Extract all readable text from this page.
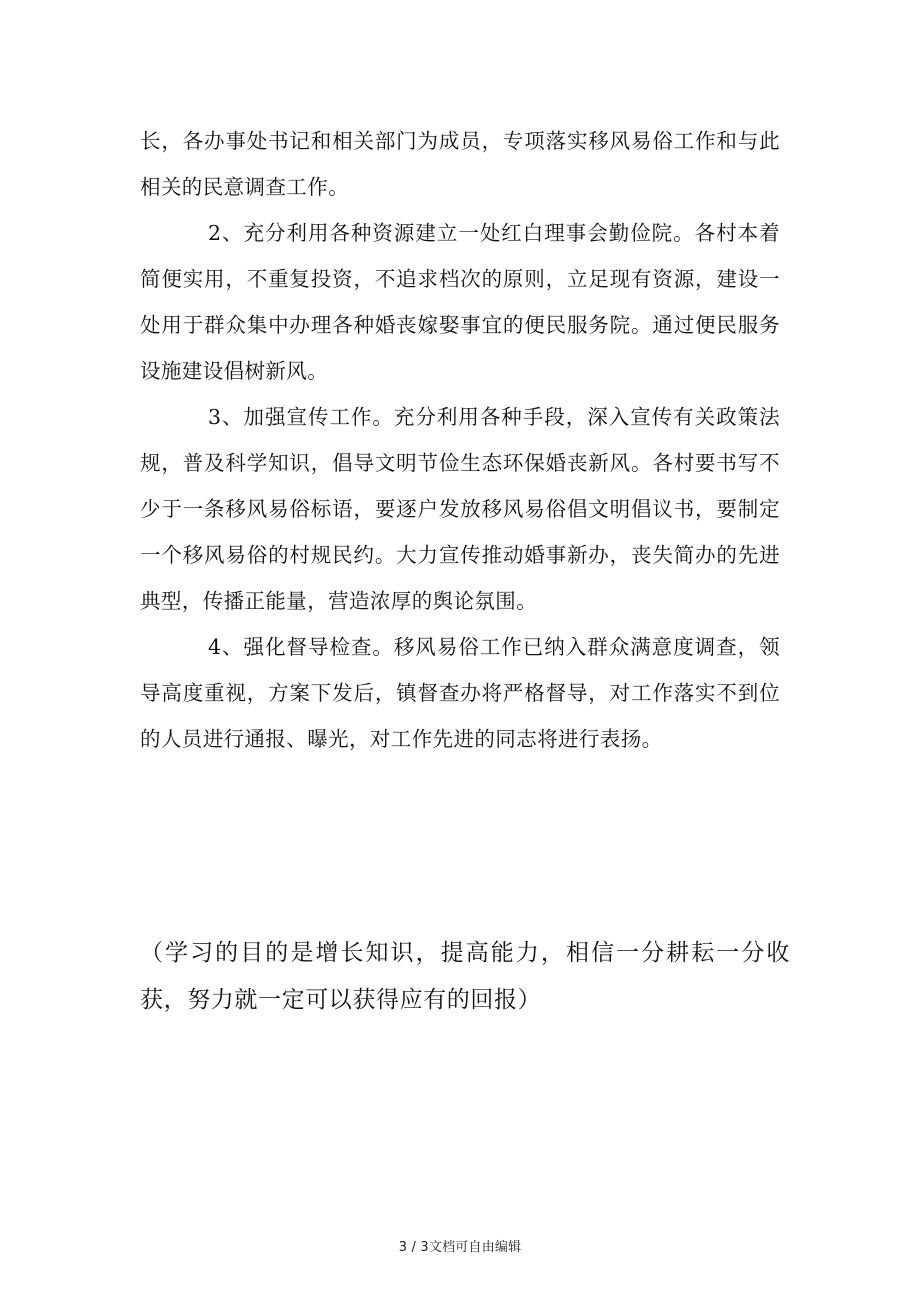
长，各办事处书记和相关部门为成员，专项落实移风易俗工作和与此相关的民意调查工作。

2、充分利用各种资源建立一处红白理事会勤俭院。各村本着简便实用，不重复投资，不追求档次的原则，立足现有资源，建设一处用于群众集中办理各种婚丧嫁娶事宜的便民服务院。通过便民服务设施建设倡树新风。

3、加强宣传工作。充分利用各种手段，深入宣传有关政策法规，普及科学知识，倡导文明节俭生态环保婚丧新风。各村要书写不少于一条移风易俗标语，要逐户发放移风易俗倡文明倡议书，要制定一个移风易俗的村规民约。大力宣传推动婚事新办，丧失简办的先进典型，传播正能量，营造浓厚的舆论氛围。

4、强化督导检查。移风易俗工作已纳入群众满意度调查，领导高度重视，方案下发后，镇督查办将严格督导，对工作落实不到位的人员进行通报、曝光，对工作先进的同志将进行表扬。

（学习的目的是增长知识，提高能力，相信一分耕耘一分收获，努力就一定可以获得应有的回报）

3 / 3文档可自由编辑
